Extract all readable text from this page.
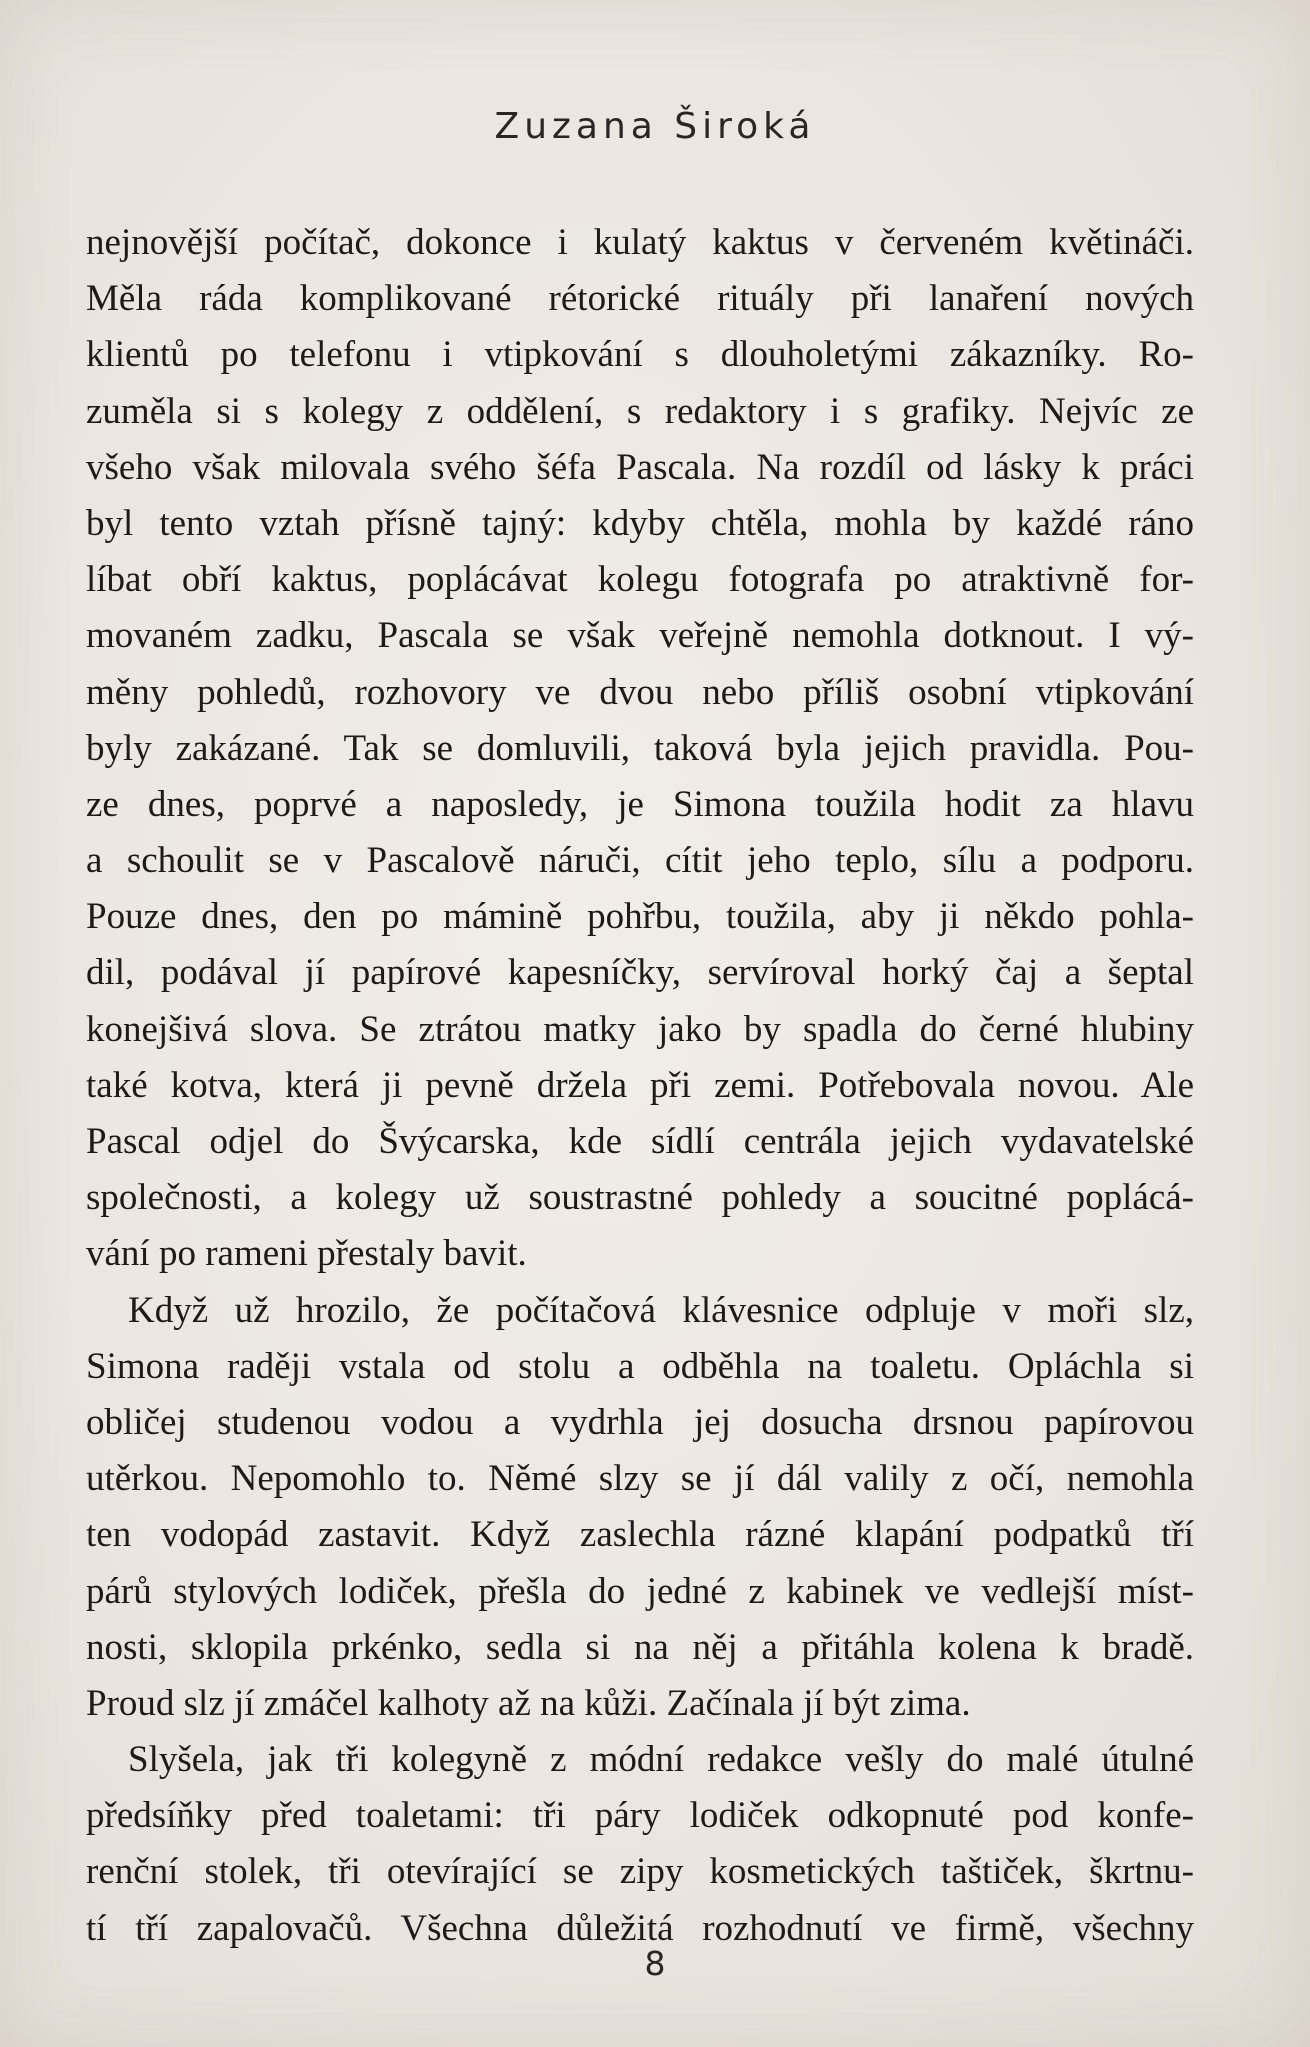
Zuzana Široká
nejnovější počítač, dokonce i kulatý kaktus v červeném květináči.
Měla ráda komplikované rétorické rituály při lanaření nových
klientů po telefonu i vtipkování s dlouholetými zákazníky. Ro-
zuměla si s kolegy z oddělení, s redaktory i s grafiky. Nejvíc ze
všeho však milovala svého šéfa Pascala. Na rozdíl od lásky k práci
byl tento vztah přísně tajný: kdyby chtěla, mohla by každé ráno
líbat obří kaktus, poplácávat kolegu fotografa po atraktivně for-
movaném zadku, Pascala se však veřejně nemohla dotknout. I vý-
měny pohledů, rozhovory ve dvou nebo příliš osobní vtipkování
byly zakázané. Tak se domluvili, taková byla jejich pravidla. Pou-
ze dnes, poprvé a naposledy, je Simona toužila hodit za hlavu
a schoulit se v Pascalově náruči, cítit jeho teplo, sílu a podporu.
Pouze dnes, den po mámině pohřbu, toužila, aby ji někdo pohla-
dil, podával jí papírové kapesníčky, servíroval horký čaj a šeptal
konejšivá slova. Se ztrátou matky jako by spadla do černé hlubiny
také kotva, která ji pevně držela při zemi. Potřebovala novou. Ale
Pascal odjel do Švýcarska, kde sídlí centrála jejich vydavatelské
společnosti, a kolegy už soustrastné pohledy a soucitné poplácá-
vání po rameni přestaly bavit.
Když už hrozilo, že počítačová klávesnice odpluje v moři slz,
Simona raději vstala od stolu a odběhla na toaletu. Opláchla si
obličej studenou vodou a vydrhla jej dosucha drsnou papírovou
utěrkou. Nepomohlo to. Němé slzy se jí dál valily z očí, nemohla
ten vodopád zastavit. Když zaslechla rázné klapání podpatků tří
párů stylových lodiček, přešla do jedné z kabinek ve vedlejší míst-
nosti, sklopila prkénko, sedla si na něj a přitáhla kolena k bradě.
Proud slz jí zmáčel kalhoty až na kůži. Začínala jí být zima.
Slyšela, jak tři kolegyně z módní redakce vešly do malé útulné
předsíňky před toaletami: tři páry lodiček odkopnuté pod konfe-
renční stolek, tři otevírající se zipy kosmetických taštiček, škrtnu-
tí tří zapalovačů. Všechna důležitá rozhodnutí ve firmě, všechny
8
